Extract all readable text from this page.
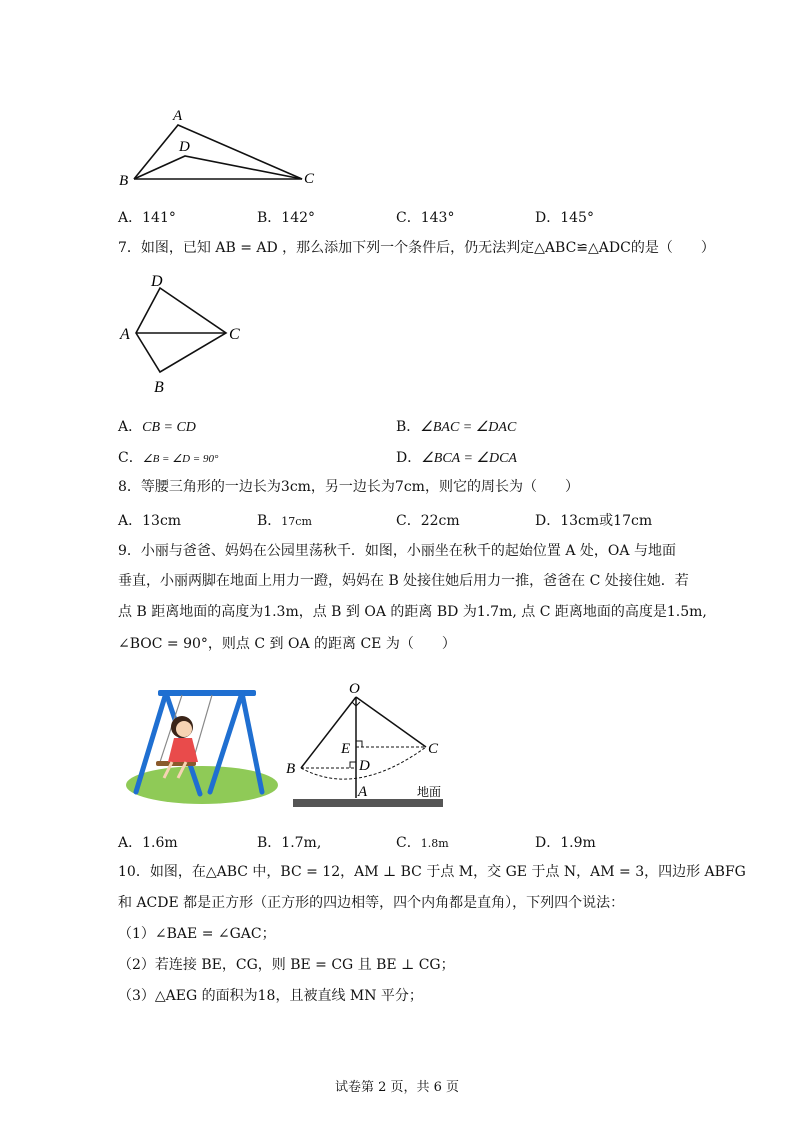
A
D
B	C
A．141°	B．142°	C．143°	D．145°
7．如图，已知 AB = AD ，那么添加下列一个条件后，仍无法判定△ABC≌△ADC的是（　　）
D
A	C
B
A．CB = CD	B．∠BAC = ∠DAC
C．∠B = ∠D = 90°	D．∠BCA = ∠DCA
8．等腰三角形的一边长为3cm，另一边长为7cm，则它的周长为（　　）
A．13cm	B．17cm	C．22cm	D．13cm或17cm
9．小丽与爸爸、妈妈在公园里荡秋千．如图，小丽坐在秋千的起始位置 A 处，OA 与地面
垂直，小丽两脚在地面上用力一蹬，妈妈在 B 处接住她后用力一推，爸爸在 C 处接住她．若
点 B 距离地面的高度为1.3m，点 B 到 OA 的距离 BD 为1.7m, 点 C 距离地面的高度是1.5m,
∠BOC = 90°，则点 C 到 OA 的距离 CE 为（　　）
O
E	C
B	D
A	地面
A．1.6m	B．1.7m,	C．1.8m	D．1.9m
10．如图，在△ABC 中，BC = 12，AM ⊥ BC 于点 M，交 GE 于点 N，AM = 3，四边形 ABFG
和 ACDE 都是正方形（正方形的四边相等，四个内角都是直角），下列四个说法：
（1）∠BAE = ∠GAC；
（2）若连接 BE，CG，则 BE = CG 且 BE ⊥ CG；
（3）△AEG 的面积为18，且被直线 MN 平分；
试卷第 2 页，共 6 页
